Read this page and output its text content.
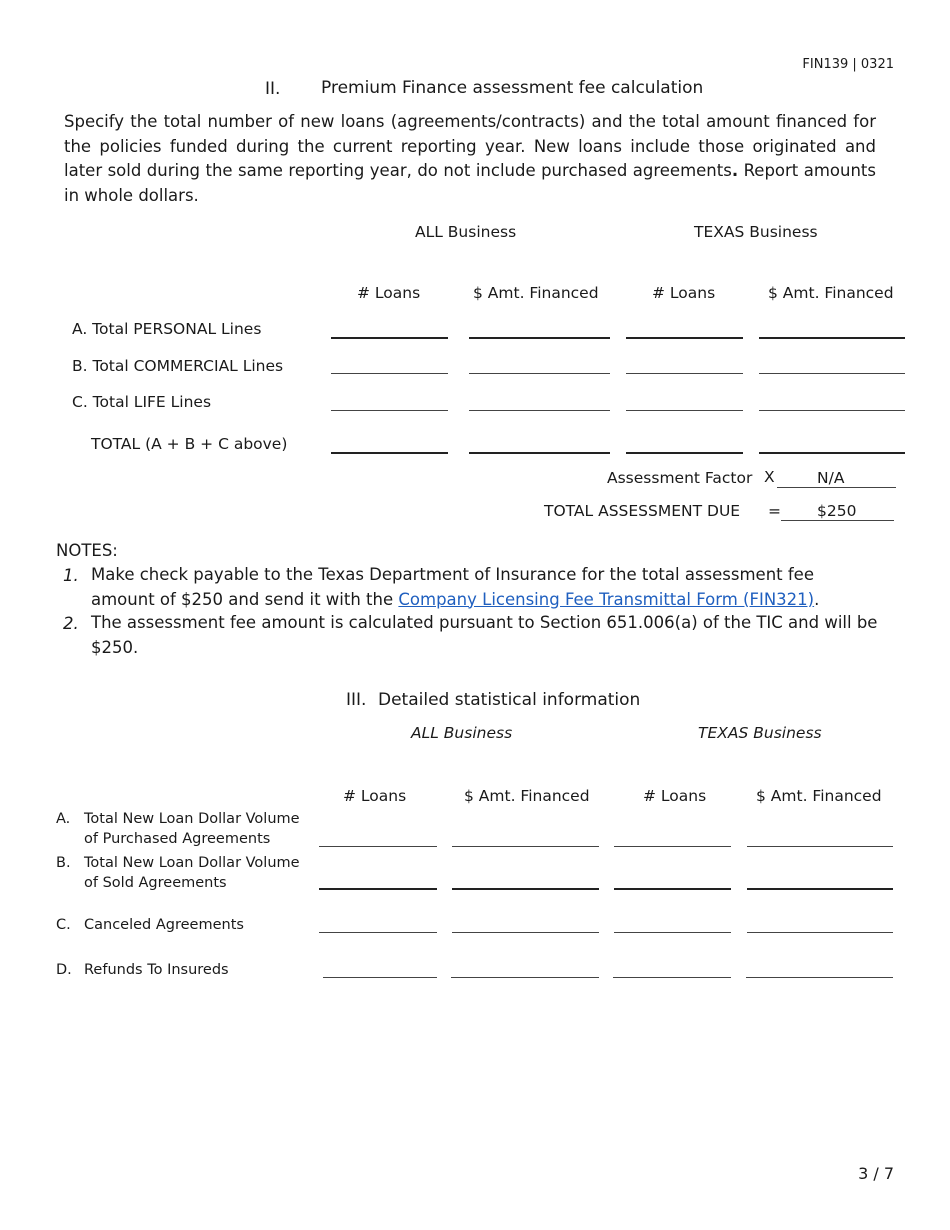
FIN139 | 0321
II. Premium Finance assessment fee calculation
Specify the total number of new loans (agreements/contracts) and the total amount financed for the policies funded during the current reporting year. New loans include those originated and later sold during the same reporting year, do not include purchased agreements. Report amounts in whole dollars.
ALL Business	TEXAS Business
# Loans	$ Amt. Financed	# Loans	$ Amt. Financed
A. Total PERSONAL Lines
B. Total COMMERCIAL Lines
C. Total LIFE Lines
TOTAL (A + B + C above)
Assessment Factor X	N/A
TOTAL ASSESSMENT DUE = $250
NOTES:
1. Make check payable to the Texas Department of Insurance for the total assessment fee amount of $250 and send it with the Company Licensing Fee Transmittal Form (FIN321).
2. The assessment fee amount is calculated pursuant to Section 651.006(a) of the TIC and will be $250.
III. Detailed statistical information
ALL Business	TEXAS Business
# Loans	$ Amt. Financed	# Loans	$ Amt. Financed
A. Total New Loan Dollar Volume of Purchased Agreements
B. Total New Loan Dollar Volume of Sold Agreements
C. Canceled Agreements
D. Refunds To Insureds
3 / 7
